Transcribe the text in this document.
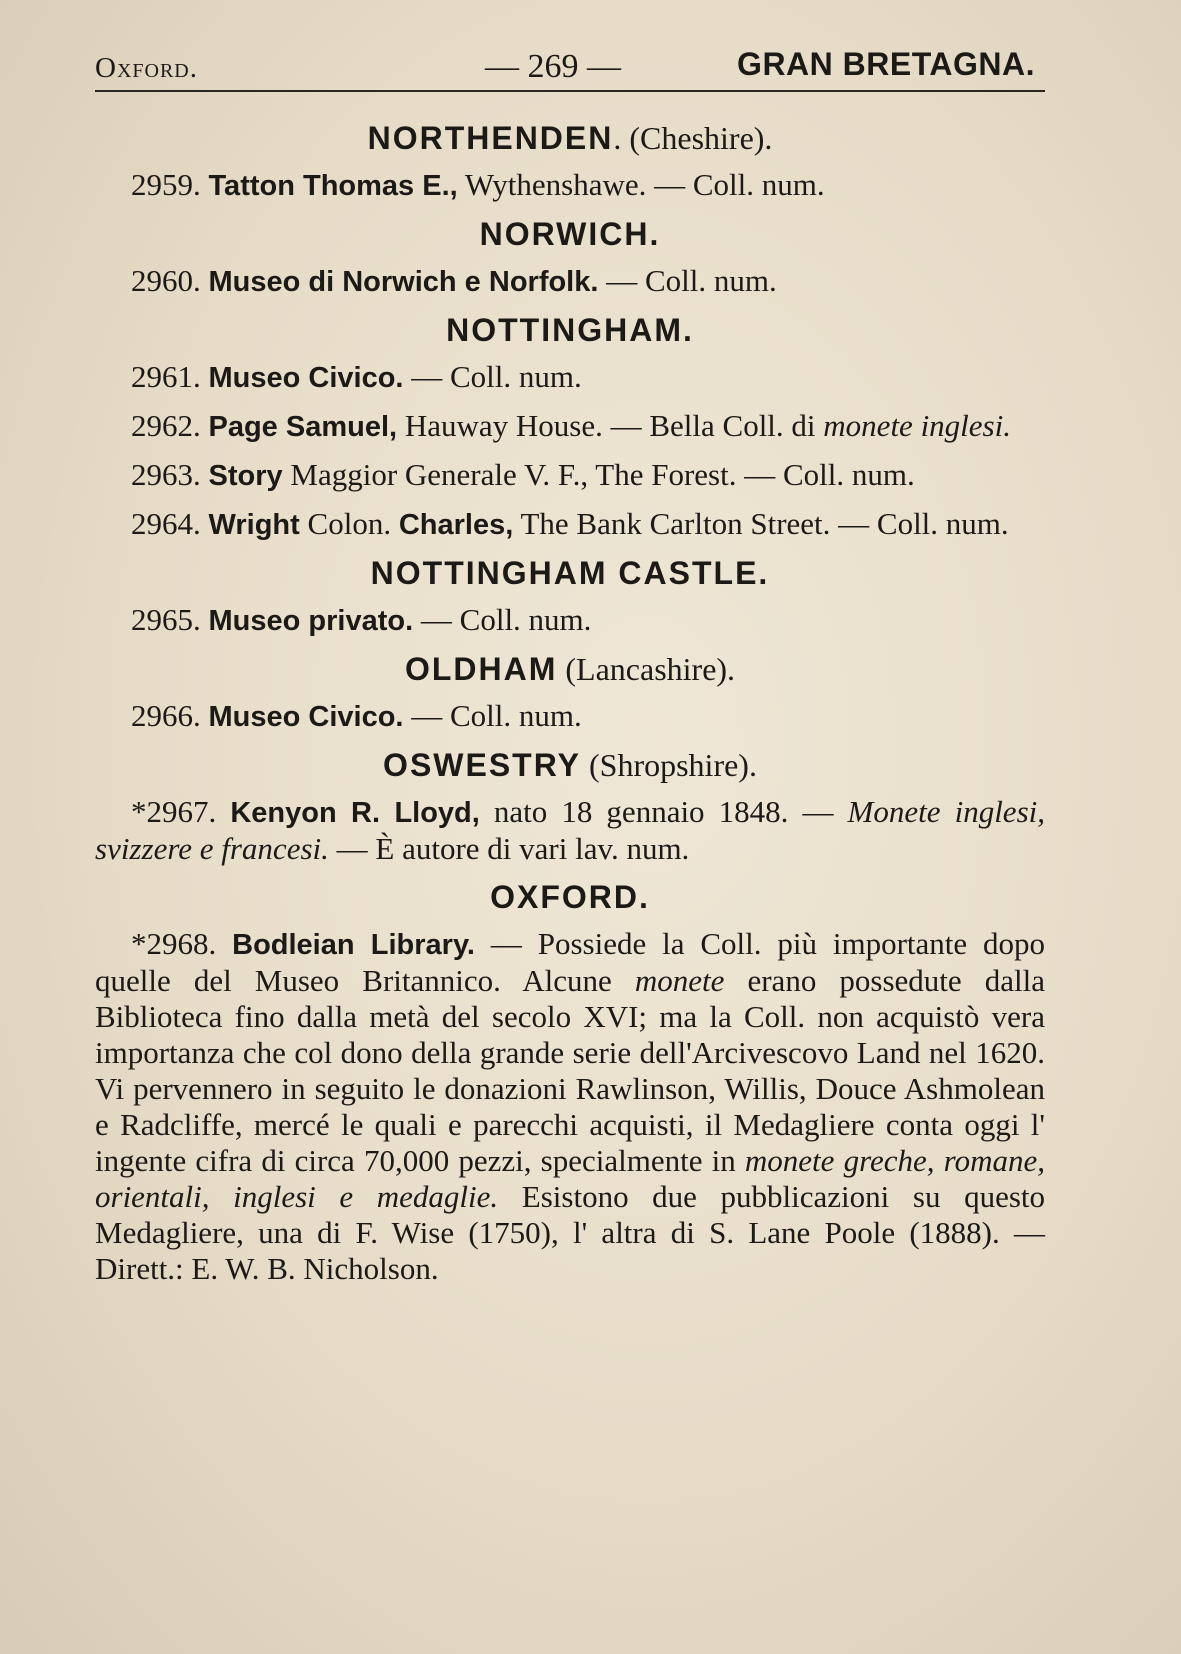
Oxford.	— 269 —	GRAN BRETAGNA.
NORTHENDEN. (Cheshire).

2959. Tatton Thomas E., Wythenshawe. — Coll. num.

NORWICH.

2960. Museo di Norwich e Norfolk. — Coll. num.

NOTTINGHAM.

2961. Museo Civico. — Coll. num.

2962. Page Samuel, Hauway House. — Bella Coll. di monete inglesi.

2963. Story Maggior Generale V. F., The Forest. — Coll. num.

2964. Wright Colon. Charles, The Bank Carlton Street. — Coll. num.

NOTTINGHAM CASTLE.

2965. Museo privato. — Coll. num.

OLDHAM (Lancashire).

2966. Museo Civico. — Coll. num.

OSWESTRY (Shropshire).

*2967. Kenyon R. Lloyd, nato 18 gennaio 1848. — Monete inglesi, svizzere e francesi. — È autore di vari lav. num.

OXFORD.

*2968. Bodleian Library. — Possiede la Coll. più importante dopo quelle del Museo Britannico. Alcune monete erano possedute dalla Biblioteca fino dalla metà del secolo XVI; ma la Coll. non acquistò vera importanza che col dono della grande serie dell'Arcivescovo Land nel 1620. Vi pervennero in seguito le donazioni Rawlinson, Willis, Douce Ashmolean e Radcliffe, mercé le quali e parecchi acquisti, il Medagliere conta oggi l' ingente cifra di circa 70,000 pezzi, specialmente in monete greche, romane, orientali, inglesi e medaglie. Esistono due pubblicazioni su questo Medagliere, una di F. Wise (1750), l' altra di S. Lane Poole (1888). — Dirett.: E. W. B. Nicholson.
